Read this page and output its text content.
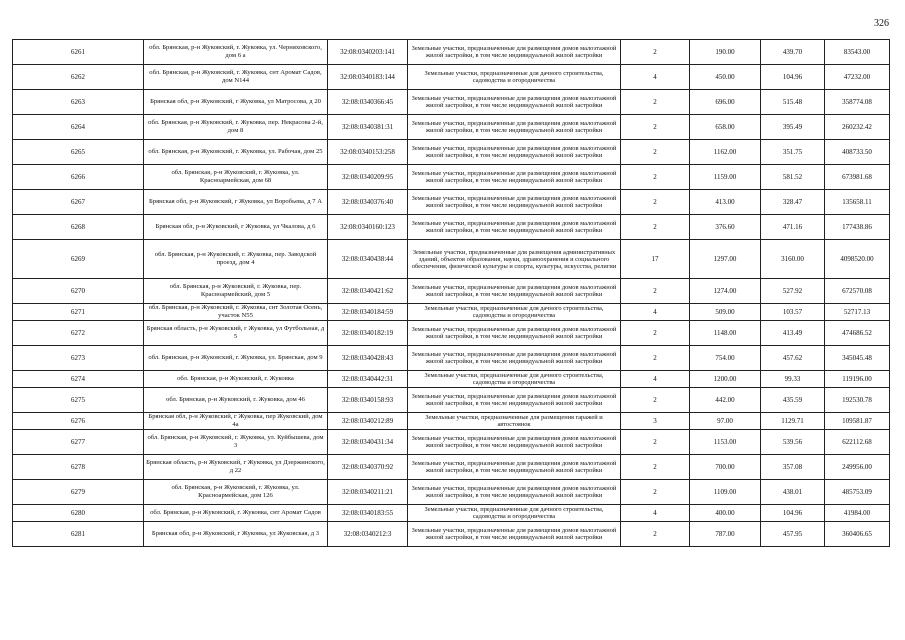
326
6261	обл. Брянская, р-н Жуковский, г. Жуковка, ул. Черняховского, дом 6 а	32:08:0340203:141	Земельные участки, предназначенные для размещения домов малоэтажной жилой застройки, в том числе индивидуальной жилой застройки	2	190.00	439.70	83543.00
6262	обл. Брянская, р-н Жуковский, г. Жуковка, снт Аромат Садов, дом N144	32:08:0340183:144	Земельные участки, предназначенные для дачного строительства, садоводства и огородничества	4	450.00	104.96	47232.00
6263	Брянская обл, р-н Жуковский, г Жуковка, ул Матросова, д 20	32:08:0340366:45	Земельные участки, предназначенные для размещения домов малоэтажной жилой застройки, в том числе индивидуальной жилой застройки	2	696.00	515.48	358774.08
6264	обл. Брянская, р-н Жуковский, г. Жуковка, пер. Некрасова 2-й, дом 8	32:08:0340381:31	Земельные участки, предназначенные для размещения домов малоэтажной жилой застройки, в том числе индивидуальной жилой застройки	2	658.00	395.49	260232.42
6265	обл. Брянская, р-н Жуковский, г. Жуковка, ул. Рабочая, дом 25	32:08:0340153:258	Земельные участки, предназначенные для размещения домов малоэтажной жилой застройки, в том числе индивидуальной жилой застройки	2	1162.00	351.75	408733.50
6266	обл. Брянская, р-н Жуковский, г. Жуковка, ул. Красноармейская, дом 68	32:08:0340209:95	Земельные участки, предназначенные для размещения домов малоэтажной жилой застройки, в том числе индивидуальной жилой застройки	2	1159.00	581.52	673981.68
6267	Брянская обл, р-н Жуковский, г Жуковка, ул Воробьева, д 7 А	32:08:0340376:40	Земельные участки, предназначенные для размещения домов малоэтажной жилой застройки, в том числе индивидуальной жилой застройки	2	413.00	328.47	135658.11
6268	Брянская обл, р-н Жуковский, г Жуковка, ул Чкалова, д 6	32:08:0340160:123	Земельные участки, предназначенные для размещения домов малоэтажной жилой застройки, в том числе индивидуальной жилой застройки	2	376.60	471.16	177438.86
6269	обл. Брянская, р-н Жуковский, г. Жуковка, пер. Заводской проезд, дом 4	32:08:0340438:44	Земельные участки, предназначенные для размещения административных зданий, объектов образования, науки, здравоохранения и социального обеспечения, физической культуры и спорта, культуры, искусства, религии	17	1297.00	3160.00	4098520.00
6270	обл. Брянская, р-н Жуковский, г. Жуковка, пер. Красноармейский, дом 5	32:08:0340421:62	Земельные участки, предназначенные для размещения домов малоэтажной жилой застройки, в том числе индивидуальной жилой застройки	2	1274.00	527.92	672570.08
6271	обл. Брянская, р-н Жуковский, г. Жуковка, снт Золотая Осень, участок N55	32:08:0340184:59	Земельные участки, предназначенные для дачного строительства, садоводства и огородничества	4	509.00	103.57	52717.13
6272	Брянская область, р-н Жуковский, г Жуковка, ул Футбольная, д 5	32:08:0340182:19	Земельные участки, предназначенные для размещения домов малоэтажной жилой застройки, в том числе индивидуальной жилой застройки	2	1148.00	413.49	474686.52
6273	обл. Брянская, р-н Жуковский, г. Жуковка, ул. Брянская, дом 9	32:08:0340428:43	Земельные участки, предназначенные для размещения домов малоэтажной жилой застройки, в том числе индивидуальной жилой застройки	2	754.00	457.62	345045.48
6274	обл. Брянская, р-н Жуковский, г. Жуковка	32:08:0340442:31	Земельные участки, предназначенные для дачного строительства, садоводства и огородничества	4	1200.00	99.33	119196.00
6275	обл. Брянская, р-н Жуковский, г. Жуковка, дом 46	32:08:0340158:93	Земельные участки, предназначенные для размещения домов малоэтажной жилой застройки, в том числе индивидуальной жилой застройки	2	442.00	435.59	192530.78
6276	Брянская обл, р-н Жуковский, г Жуковка, пер Жуковский, дом 4а	32:08:0340212:89	Земельные участки, предназначенные для размещения гаражей и автостоянок	3	97.00	1129.71	109581.87
6277	обл. Брянская, р-н Жуковский, г. Жуковка, ул. Куйбышева, дом 3	32:08:0340431:34	Земельные участки, предназначенные для размещения домов малоэтажной жилой застройки, в том числе индивидуальной жилой застройки	2	1153.00	539.56	622112.68
6278	Брянская область, р-н Жуковский, г Жуковка, ул Дзержинского, д 22	32:08:0340370:92	Земельные участки, предназначенные для размещения домов малоэтажной жилой застройки, в том числе индивидуальной жилой застройки	2	700.00	357.08	249956.00
6279	обл. Брянская, р-н Жуковский, г. Жуковка, ул. Красноармейская, дом 126	32:08:0340211:21	Земельные участки, предназначенные для размещения домов малоэтажной жилой застройки, в том числе индивидуальной жилой застройки	2	1109.00	438.01	485753.09
6280	обл. Брянская, р-н Жуковский, г. Жуковка, снт Аромат Садов	32:08:0340183:55	Земельные участки, предназначенные для дачного строительства, садоводства и огородничества	4	400.00	104.96	41984.00
6281	Брянская обл, р-н Жуковский, г Жуковка, ул Жуковская, д 3	32:08:0340212:3	Земельные участки, предназначенные для размещения домов малоэтажной жилой застройки, в том числе индивидуальной жилой застройки	2	787.00	457.95	360406.65
